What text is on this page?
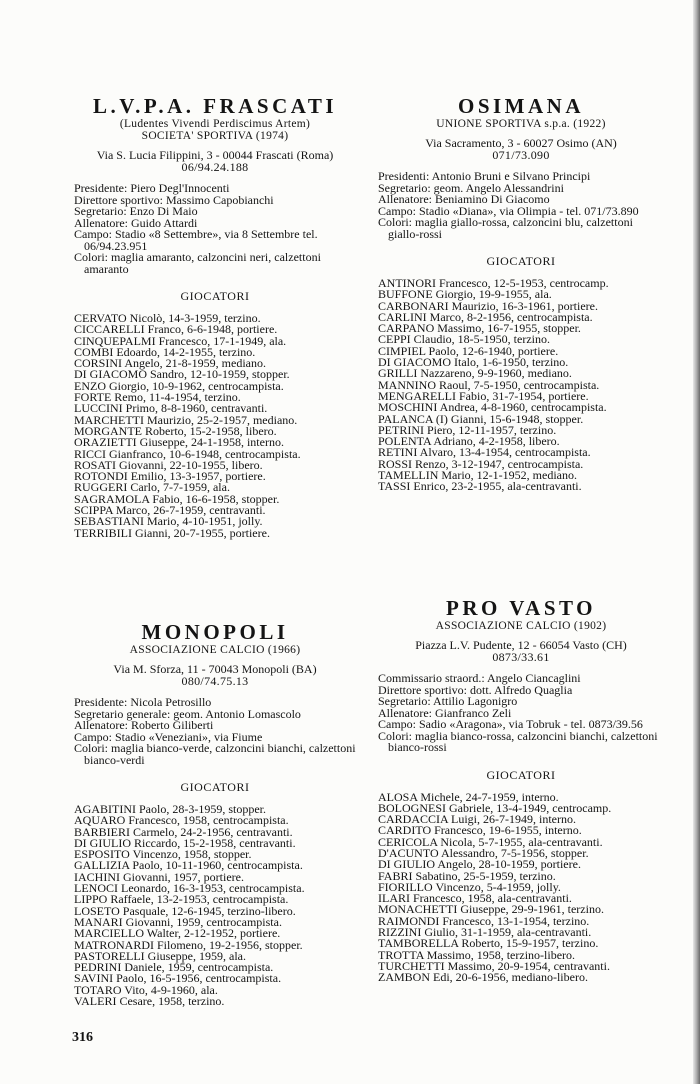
L.V.P.A. FRASCATI
(Ludentes Vivendi Perdiscimus Artem)
SOCIETA' SPORTIVA (1974)
Via S. Lucia Filippini, 3 - 00044 Frascati (Roma)
06/94.24.188
Presidente: Piero Degl'Innocenti
Direttore sportivo: Massimo Capobianchi
Segretario: Enzo Di Maio
Allenatore: Guido Attardi
Campo: Stadio «8 Settembre», via 8 Settembre tel. 06/94.23.951
Colori: maglia amaranto, calzoncini neri, calzettoni amaranto
GIOCATORI
CERVATO Nicolò, 14-3-1959, terzino.
CICCARELLI Franco, 6-6-1948, portiere.
CINQUEPALMI Francesco, 17-1-1949, ala.
COMBI Edoardo, 14-2-1955, terzino.
CORSINI Angelo, 21-8-1959, mediano.
DI GIACOMO Sandro, 12-10-1959, stopper.
ENZO Giorgio, 10-9-1962, centrocampista.
FORTE Remo, 11-4-1954, terzino.
LUCCINI Primo, 8-8-1960, centravanti.
MARCHETTI Maurizio, 25-2-1957, mediano.
MORGANTE Roberto, 15-2-1958, libero.
ORAZIETTI Giuseppe, 24-1-1958, interno.
RICCI Gianfranco, 10-6-1948, centrocampista.
ROSATI Giovanni, 22-10-1955, libero.
ROTONDI Emilio, 13-3-1957, portiere.
RUGGERI Carlo, 7-7-1959, ala.
SAGRAMOLA Fabio, 16-6-1958, stopper.
SCIPPA Marco, 26-7-1959, centravanti.
SEBASTIANI Mario, 4-10-1951, jolly.
TERRIBILI Gianni, 20-7-1955, portiere.
OSIMANA
UNIONE SPORTIVA s.p.a. (1922)
Via Sacramento, 3 - 60027 Osimo (AN)
071/73.090
Presidenti: Antonio Bruni e Silvano Principi
Segretario: geom. Angelo Alessandrini
Allenatore: Beniamino Di Giacomo
Campo: Stadio «Diana», via Olimpia - tel. 071/73.890
Colori: maglia giallo-rossa, calzoncini blu, calzettoni giallo-rossi
GIOCATORI
ANTINORI Francesco, 12-5-1953, centrocamp.
BUFFONE Giorgio, 19-9-1955, ala.
CARBONARI Maurizio, 16-3-1961, portiere.
CARLINI Marco, 8-2-1956, centrocampista.
CARPANO Massimo, 16-7-1955, stopper.
CEPPI Claudio, 18-5-1950, terzino.
CIMPIEL Paolo, 12-6-1940, portiere.
DI GIACOMO Italo, 1-6-1950, terzino.
GRILLI Nazzareno, 9-9-1960, mediano.
MANNINO Raoul, 7-5-1950, centrocampista.
MENGARELLI Fabio, 31-7-1954, portiere.
MOSCHINI Andrea, 4-8-1960, centrocampista.
PALANCA (I) Gianni, 15-6-1948, stopper.
PETRINI Piero, 12-11-1957, terzino.
POLENTA Adriano, 4-2-1958, libero.
RETINI Alvaro, 13-4-1954, centrocampista.
ROSSI Renzo, 3-12-1947, centrocampista.
TAMELLIN Mario, 12-1-1952, mediano.
TASSI Enrico, 23-2-1955, ala-centravanti.
MONOPOLI
ASSOCIAZIONE CALCIO (1966)
Via M. Sforza, 11 - 70043 Monopoli (BA)
080/74.75.13
Presidente: Nicola Petrosillo
Segretario generale: geom. Antonio Lomascolo
Allenatore: Roberto Giliberti
Campo: Stadio «Veneziani», via Fiume
Colori: maglia bianco-verde, calzoncini bianchi, calzettoni bianco-verdi
GIOCATORI
AGABITINI Paolo, 28-3-1959, stopper.
AQUARO Francesco, 1958, centrocampista.
BARBIERI Carmelo, 24-2-1956, centravanti.
DI GIULIO Riccardo, 15-2-1958, centravanti.
ESPOSITO Vincenzo, 1958, stopper.
GALLIZIA Paolo, 10-11-1960, centrocampista.
IACHINI Giovanni, 1957, portiere.
LENOCI Leonardo, 16-3-1953, centrocampista.
LIPPO Raffaele, 13-2-1953, centrocampista.
LOSETO Pasquale, 12-6-1945, terzino-libero.
MANARI Giovanni, 1959, centrocampista.
MARCIELLO Walter, 2-12-1952, portiere.
MATRONARDI Filomeno, 19-2-1956, stopper.
PASTORELLI Giuseppe, 1959, ala.
PEDRINI Daniele, 1959, centrocampista.
SAVINI Paolo, 16-5-1956, centrocampista.
TOTARO Vito, 4-9-1960, ala.
VALERI Cesare, 1958, terzino.
PRO VASTO
ASSOCIAZIONE CALCIO (1902)
Piazza L.V. Pudente, 12 - 66054 Vasto (CH)
0873/33.61
Commissario straord.: Angelo Ciancaglini
Direttore sportivo: dott. Alfredo Quaglia
Segretario: Attilio Lagonigro
Allenatore: Gianfranco Zeli
Campo: Sadio «Aragona», via Tobruk - tel. 0873/39.56
Colori: maglia bianco-rossa, calzoncini bianchi, calzettoni bianco-rossi
GIOCATORI
ALOSA Michele, 24-7-1959, interno.
BOLOGNESI Gabriele, 13-4-1949, centrocamp.
CARDACCIA Luigi, 26-7-1949, interno.
CARDITO Francesco, 19-6-1955, interno.
CERICOLA Nicola, 5-7-1955, ala-centravanti.
D'ACUNTO Alessandro, 7-5-1956, stopper.
DI GIULIO Angelo, 28-10-1959, portiere.
FABRI Sabatino, 25-5-1959, terzino.
FIORILLO Vincenzo, 5-4-1959, jolly.
ILARI Francesco, 1958, ala-centravanti.
MONACHETTI Giuseppe, 29-9-1961, terzino.
RAIMONDI Francesco, 13-1-1954, terzino.
RIZZINI Giulio, 31-1-1959, ala-centravanti.
TAMBORELLA Roberto, 15-9-1957, terzino.
TROTTA Massimo, 1958, terzino-libero.
TURCHETTI Massimo, 20-9-1954, centravanti.
ZAMBON Edi, 20-6-1956, mediano-libero.
316
